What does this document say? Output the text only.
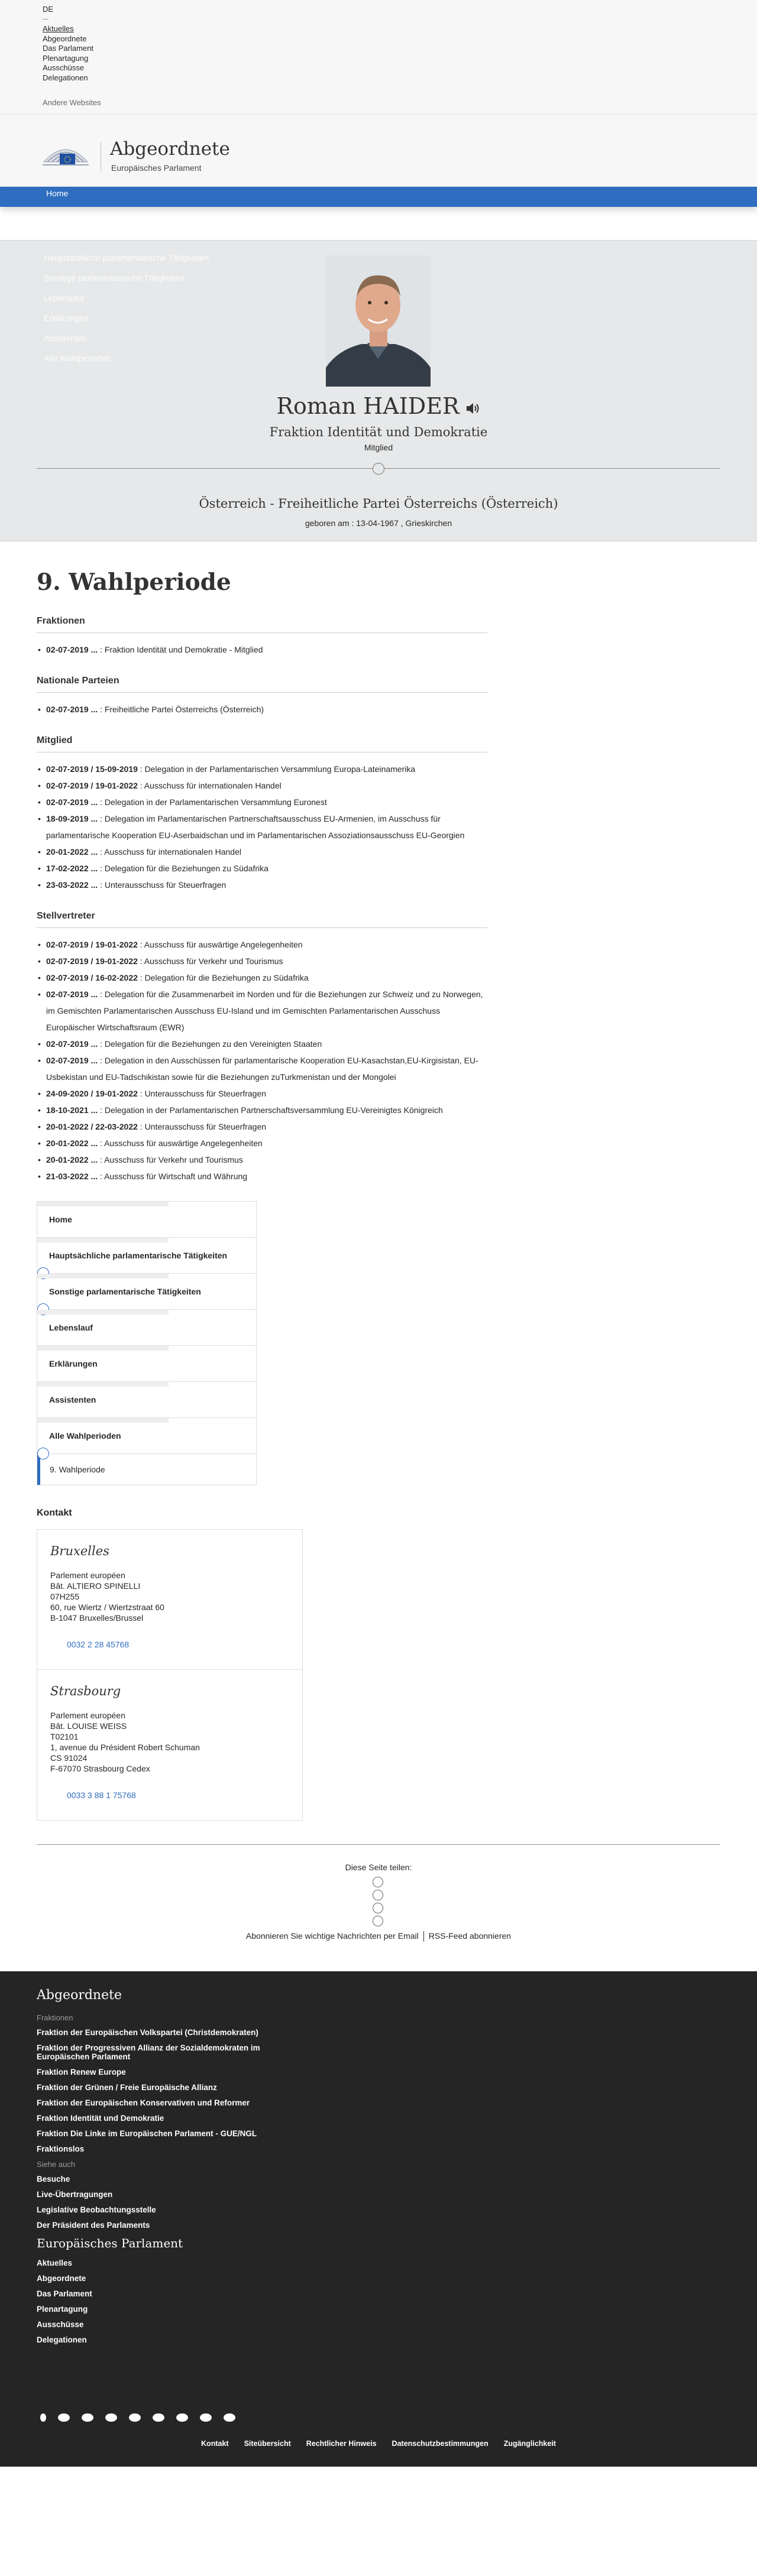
DE
Aktuelles
Abgeordnete
Das Parlament
Plenartagung
Ausschüsse
Delegationen
Andere Websites
Abgeordnete
Europäisches Parlament
Home
Hauptsächliche parlamentarische Tätigkeiten
Sonstige parlamentarische Tätigkeiten
Lebenslauf
Erklärungen
Assistenten
Alle Wahlperioden
Roman HAIDER
Fraktion Identität und Demokratie
Mitglied
Österreich - Freiheitliche Partei Österreichs (Österreich)
geboren am : 13-04-1967 , Grieskirchen
9. Wahlperiode
Fraktionen
• 02-07-2019 ... : Fraktion Identität und Demokratie - Mitglied
Nationale Parteien
• 02-07-2019 ... : Freiheitliche Partei Österreichs (Österreich)
Mitglied
• 02-07-2019 / 15-09-2019 : Delegation in der Parlamentarischen Versammlung Europa-Lateinamerika
• 02-07-2019 / 19-01-2022 : Ausschuss für internationalen Handel
• 02-07-2019 ... : Delegation in der Parlamentarischen Versammlung Euronest
• 18-09-2019 ... : Delegation im Parlamentarischen Partnerschaftsausschuss EU-Armenien, im Ausschuss für parlamentarische Kooperation EU-Aserbaidschan und im Parlamentarischen Assoziationsausschuss EU-Georgien
• 20-01-2022 ... : Ausschuss für internationalen Handel
• 17-02-2022 ... : Delegation für die Beziehungen zu Südafrika
• 23-03-2022 ... : Unterausschuss für Steuerfragen
Stellvertreter
• 02-07-2019 / 19-01-2022 : Ausschuss für auswärtige Angelegenheiten
• 02-07-2019 / 19-01-2022 : Ausschuss für Verkehr und Tourismus
• 02-07-2019 / 16-02-2022 : Delegation für die Beziehungen zu Südafrika
• 02-07-2019 ... : Delegation für die Zusammenarbeit im Norden und für die Beziehungen zur Schweiz und zu Norwegen, im Gemischten Parlamentarischen Ausschuss EU-Island und im Gemischten Parlamentarischen Ausschuss Europäischer Wirtschaftsraum (EWR)
• 02-07-2019 ... : Delegation für die Beziehungen zu den Vereinigten Staaten
• 02-07-2019 ... : Delegation in den Ausschüssen für parlamentarische Kooperation EU-Kasachstan,EU-Kirgisistan, EU-Usbekistan und EU-Tadschikistan sowie für die Beziehungen zuTurkmenistan und der Mongolei
• 24-09-2020 / 19-01-2022 : Unterausschuss für Steuerfragen
• 18-10-2021 ... : Delegation in der Parlamentarischen Partnerschaftsversammlung EU-Vereinigtes Königreich
• 20-01-2022 / 22-03-2022 : Unterausschuss für Steuerfragen
• 20-01-2022 ... : Ausschuss für auswärtige Angelegenheiten
• 20-01-2022 ... : Ausschuss für Verkehr und Tourismus
• 21-03-2022 ... : Ausschuss für Wirtschaft und Währung
Home
Hauptsächliche parlamentarische Tätigkeiten
Sonstige parlamentarische Tätigkeiten
Lebenslauf
Erklärungen
Assistenten
Alle Wahlperioden
9. Wahlperiode
Kontakt
Bruxelles
Parlement européen
Bât. ALTIERO SPINELLI
07H255
60, rue Wiertz / Wiertzstraat 60
B-1047 Bruxelles/Brussel
0032 2 28 45768
Strasbourg
Parlement européen
Bât. LOUISE WEISS
T02101
1, avenue du Président Robert Schuman
CS 91024
F-67070 Strasbourg Cedex
0033 3 88 1 75768
Diese Seite teilen:
Abonnieren Sie wichtige Nachrichten per Email RSS-Feed abonnieren
Abgeordnete
Fraktionen
Fraktion der Europäischen Volkspartei (Christdemokraten)
Fraktion der Progressiven Allianz der Sozialdemokraten im Europäischen Parlament
Fraktion Renew Europe
Fraktion der Grünen / Freie Europäische Allianz
Fraktion der Europäischen Konservativen und Reformer
Fraktion Identität und Demokratie
Fraktion Die Linke im Europäischen Parlament - GUE/NGL
Fraktionslos
Siehe auch
Besuche
Live-Übertragungen
Legislative Beobachtungsstelle
Der Präsident des Parlaments
Europäisches Parlament
Aktuelles
Abgeordnete
Das Parlament
Plenartagung
Ausschüsse
Delegationen
Kontakt Siteübersicht Rechtlicher Hinweis Datenschutzbestimmungen Zugänglichkeit
